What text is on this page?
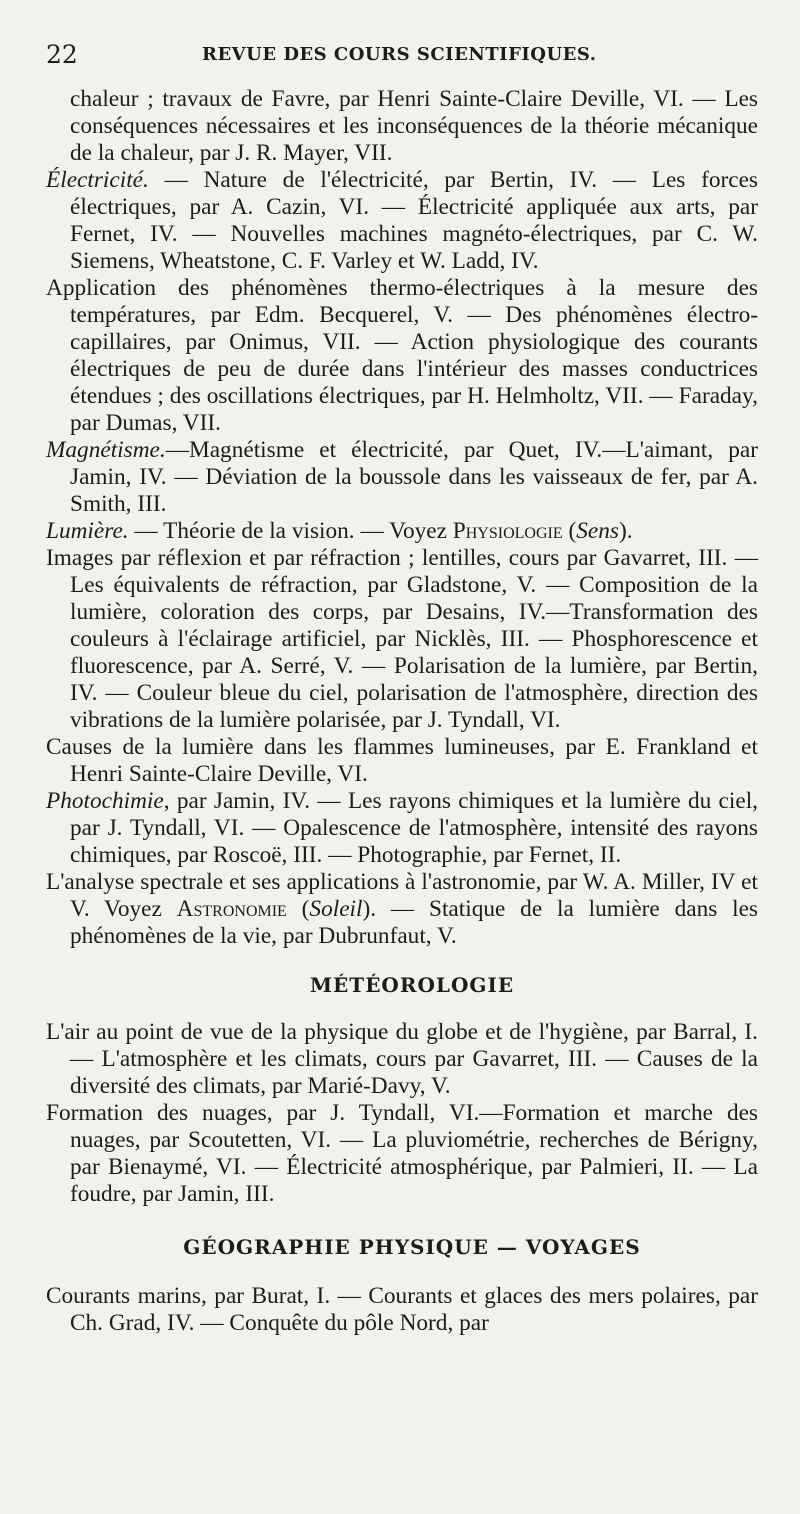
22	REVUE DES COURS SCIENTIFIQUES.

chaleur ; travaux de Favre, par Henri Sainte-Claire Deville, VI. — Les conséquences nécessaires et les inconséquences de la théorie mécanique de la chaleur, par J. R. Mayer, VII.

Électricité. — Nature de l'électricité, par Bertin, IV. — Les forces électriques, par A. Cazin, VI. — Électricité appliquée aux arts, par Fernet, IV. — Nouvelles machines magnéto-électriques, par C. W. Siemens, Wheatstone, C. F. Varley et W. Ladd, IV.

Application des phénomènes thermo-électriques à la mesure des températures, par Edm. Becquerel, V. — Des phénomènes électro-capillaires, par Onimus, VII. — Action physiologique des courants électriques de peu de durée dans l'intérieur des masses conductrices étendues ; des oscillations électriques, par H. Helmholtz, VII. — Faraday, par Dumas, VII.

Magnétisme.—Magnétisme et électricité, par Quet, IV.—L'aimant, par Jamin, IV. — Déviation de la boussole dans les vaisseaux de fer, par A. Smith, III.

Lumière. — Théorie de la vision. — Voyez Physiologie (Sens).

Images par réflexion et par réfraction ; lentilles, cours par Gavarret, III. — Les équivalents de réfraction, par Gladstone, V. — Composition de la lumière, coloration des corps, par Desains, IV.—Transformation des couleurs à l'éclairage artificiel, par Nicklès, III. — Phosphorescence et fluorescence, par A. Serré, V. — Polarisation de la lumière, par Bertin, IV. — Couleur bleue du ciel, polarisation de l'atmosphère, direction des vibrations de la lumière polarisée, par J. Tyndall, VI.

Causes de la lumière dans les flammes lumineuses, par E. Frankland et Henri Sainte-Claire Deville, VI.

Photochimie, par Jamin, IV. — Les rayons chimiques et la lumière du ciel, par J. Tyndall, VI. — Opalescence de l'atmosphère, intensité des rayons chimiques, par Roscoë, III. — Photographie, par Fernet, II.

L'analyse spectrale et ses applications à l'astronomie, par W. A. Miller, IV et V. Voyez Astronomie (Soleil). — Statique de la lumière dans les phénomènes de la vie, par Dubrunfaut, V.

MÉTÉOROLOGIE

L'air au point de vue de la physique du globe et de l'hygiène, par Barral, I. — L'atmosphère et les climats, cours par Gavarret, III. — Causes de la diversité des climats, par Marié-Davy, V.

Formation des nuages, par J. Tyndall, VI.—Formation et marche des nuages, par Scoutetten, VI. — La pluviométrie, recherches de Bérigny, par Bienaymé, VI. — Électricité atmosphérique, par Palmieri, II. — La foudre, par Jamin, III.

GÉOGRAPHIE PHYSIQUE — VOYAGES

Courants marins, par Burat, I. — Courants et glaces des mers polaires, par Ch. Grad, IV. — Conquête du pôle Nord, par
